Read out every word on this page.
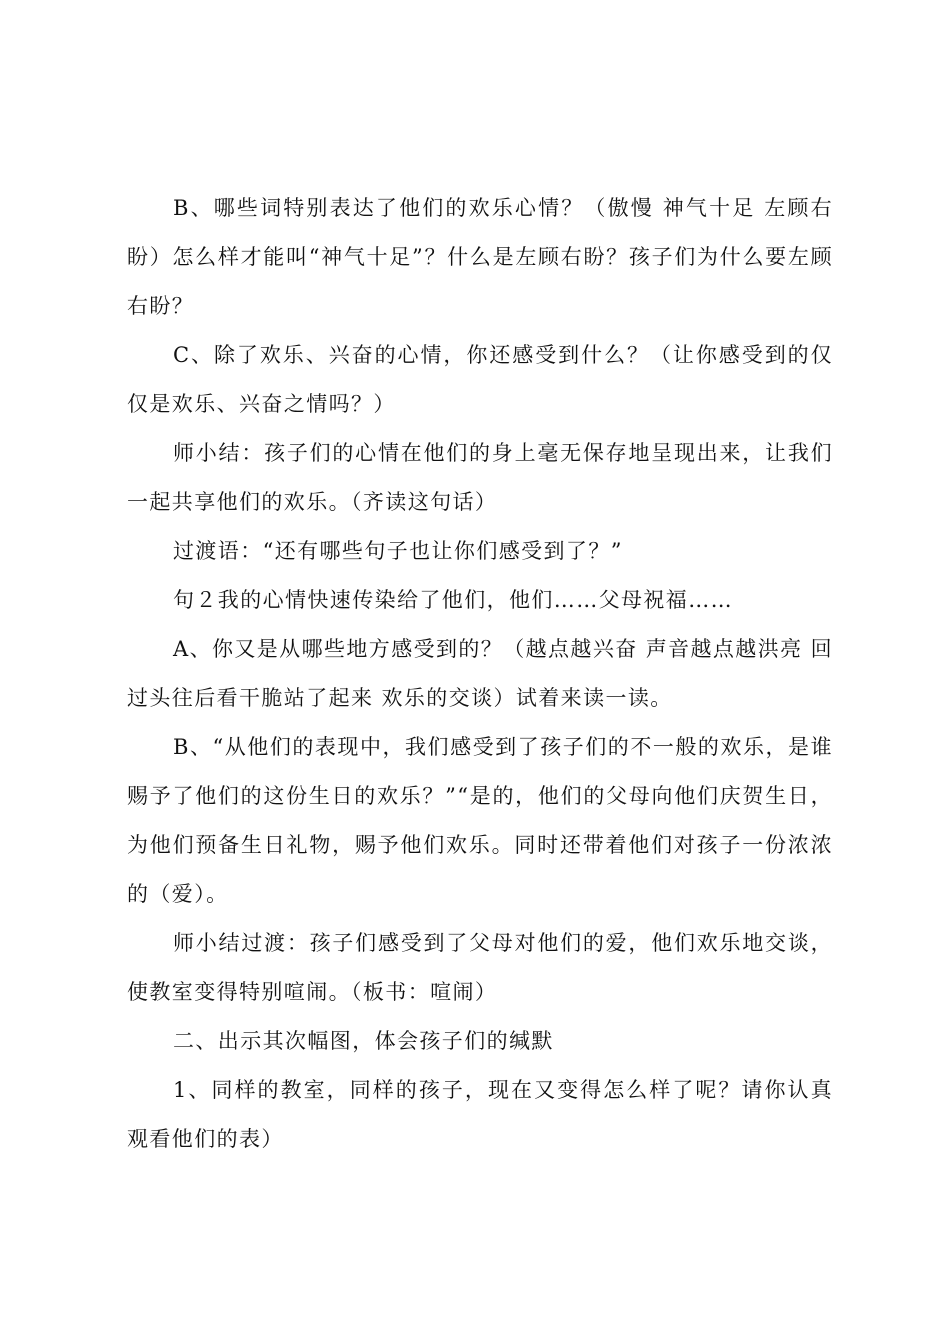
B、哪些词特别表达了他们的欢乐心情？（傲慢 神气十足 左顾右盼）怎么样才能叫“神气十足”？什么是左顾右盼？孩子们为什么要左顾右盼？

C、除了欢乐、兴奋的心情，你还感受到什么？（让你感受到的仅仅是欢乐、兴奋之情吗？）

师小结：孩子们的心情在他们的身上毫无保存地呈现出来，让我们一起共享他们的欢乐。（齐读这句话）

过渡语：“还有哪些句子也让你们感受到了？”

句２我的心情快速传染给了他们，他们……父母祝福……

A、你又是从哪些地方感受到的？（越点越兴奋 声音越点越洪亮 回过头往后看干脆站了起来 欢乐的交谈）试着来读一读。

B、“从他们的表现中，我们感受到了孩子们的不一般的欢乐，是谁赐予了他们的这份生日的欢乐？”“是的，他们的父母向他们庆贺生日，为他们预备生日礼物，赐予他们欢乐。同时还带着他们对孩子一份浓浓的（爱）。

师小结过渡：孩子们感受到了父母对他们的爱，他们欢乐地交谈，使教室变得特别喧闹。（板书：喧闹）

二、出示其次幅图，体会孩子们的缄默

1、同样的教室，同样的孩子，现在又变得怎么样了呢？请你认真观看他们的表）
